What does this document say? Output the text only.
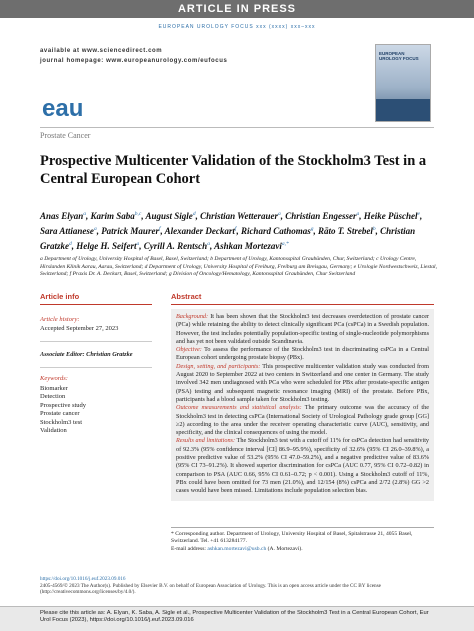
ARTICLE IN PRESS
EUROPEAN UROLOGY FOCUS xxx (xxxx) xxx–xxx
available at www.sciencedirect.com
journal homepage: www.europeanurology.com/eufocus
EUROPEAN UROLOGY FOCUS
eau
Prostate Cancer
Prospective Multicenter Validation of the Stockholm3 Test in a Central European Cohort
Anas Elyan$^a$, Karim Saba$^{b,c}$, August Sigle$^d$, Christian Wetterauer$^a$, Christian Engesser$^a$, Heike Püschel$^e$, Sara Attianese$^a$, Patrick Maurer$^f$, Alexander Deckart$^f$, Richard Cathomas$^g$, Rāto T. Strebel$^b$, Christian Gratzke$^d$, Helge H. Seifert$^a$, Cyrill A. Rentsch$^a$, Ashkan Mortezavi$^{a,*}$
a Department of Urology, University Hospital of Basel, Basel, Switzerland; b Department of Urology, Kantonsspital Graubünden, Chur, Switzerland; c Urology Centre, Hirslanden Klinik Aarau, Aarau, Switzerland; d Department of Urology, University Hospital of Freiburg, Freiburg am Breisgau, Germany; e Urologie Nordwestschweiz, Liestal, Switzerland; f Praxis Dr. A. Deckart, Basel, Switzerland; g Division of Oncology/Hematology, Kantonsspital Graubünden, Chur Switzerland
Article info
Article history:
Accepted September 27, 2023
Associate Editor: Christian Gratzke
Keywords:
Biomarker
Detection
Prospective study
Prostate cancer
Stockholm3 test
Validation
Abstract

Background: It has been shown that the Stockholm3 test decreases overdetection of prostate cancer (PCa) while retaining the ability to detect clinically significant PCa (csPCa) in a Swedish population. However, the test includes potentially population-specific testing of single-nucleotide polymorphisms and has yet not been validated outside Scandinavia.

Objective: To assess the performance of the Stockholm3 test in discriminating csPCa in a Central European cohort undergoing prostate biopsy (PBx).

Design, setting, and participants: This prospective multicenter validation study was conducted from August 2020 to September 2022 at two centers in Switzerland and one center in Germany. The study involved 342 men undiagnosed with PCa who were scheduled for PBx after prostate-specific antigen (PSA) testing and subsequent magnetic resonance imaging (MRI) of the prostate. Before PBx, participants had a blood sample taken for Stockholm3 testing.

Outcome measurements and statistical analysis: The primary outcome was the accuracy of the Stockholm3 test in detecting csPCa (International Society of Urological Pathology grade group [GG] ≥2) according to the area under the receiver operating characteristic curve (AUC), sensitivity, and specificity, and the clinical consequences of using the model.

Results and limitations: The Stockholm3 test with a cutoff of 11% for csPCa detection had sensitivity of 92.3% (95% confidence interval [CI] 86.9–95.9%), specificity of 32.6% (95% CI 26.0–39.8%), a positive predictive value of 53.2% (95% CI 47.0–59.2%), and a negative predictive value of 83.6% (95% CI 73–91.2%). It showed superior discrimination for csPCa (AUC 0.77, 95% CI 0.72–0.82) in comparison to PSA (AUC 0.66, 95% CI 0.61–0.72; p < 0.001). Using a Stockholm3 cutoff of 11%, PBx could have been omitted for 73 men (21.0%), and 12/154 (8%) csPCa and 2/72 (2.8%) GG >2 cases would have been missed. Limitations include population selection bias.

* Corresponding author. Department of Urology, University Hospital of Basel, Spitalstrasse 21, 4055 Basel, Switzerland. Tel. +41 613284177.
E-mail address: ashkan.mortezavi@usb.ch (A. Mortezavi).
https://doi.org/10.1016/j.euf.2023.09.016
2405-4569/© 2023 The Author(s). Published by Elsevier B.V. on behalf of European Association of Urology. This is an open access article under the CC BY license (http://creativecommons.org/licenses/by/4.0/).
Please cite this article as: A. Elyan, K. Saba, A. Sigle et al., Prospective Multicenter Validation of the Stockholm3 Test in a Central European Cohort, Eur Urol Focus (2023), https://doi.org/10.1016/j.euf.2023.09.016
